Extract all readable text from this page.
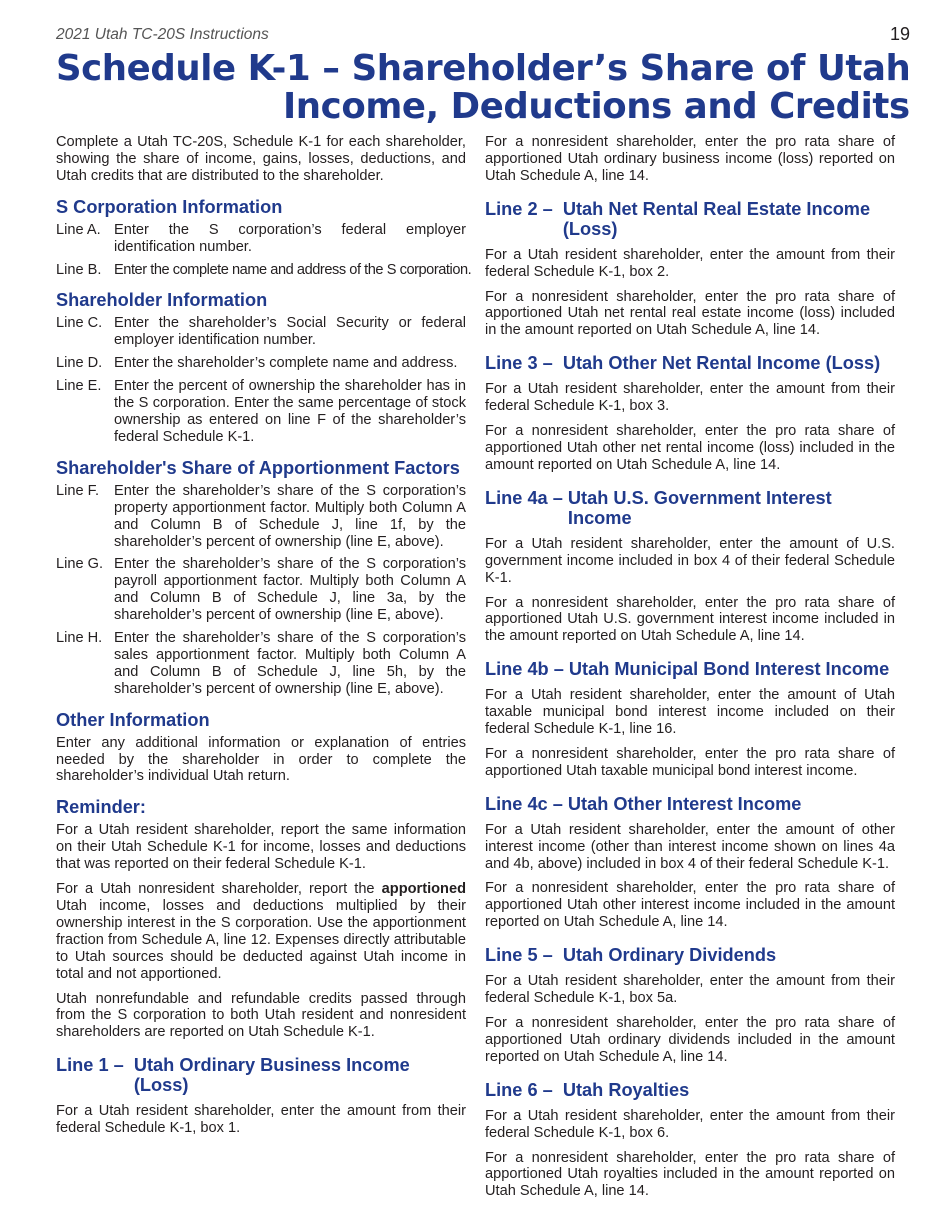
2021 Utah TC-20S Instructions	19
Schedule K-1 – Shareholder’s Share of Utah
Income, Deductions and Credits

Complete a Utah TC-20S, Schedule K-1 for each shareholder, showing the share of income, gains, losses, deductions, and Utah credits that are distributed to the shareholder.

S Corporation Information
Line A. Enter the S corporation’s federal employer identification number.
Line B. Enter the complete name and address of the S corporation.
Shareholder Information
Line C. Enter the shareholder’s Social Security or federal employer identification number.
Line D. Enter the shareholder’s complete name and address.
Line E. Enter the percent of ownership the shareholder has in the S corporation. Enter the same percentage of stock ownership as entered on line F of the shareholder’s federal Schedule K-1.
Shareholder's Share of Apportionment Factors
Line F.	Enter the shareholder’s share of the S corporation’s property apportionment factor. Multiply both Column A and Column B of Schedule J, line 1f, by the shareholder’s percent of ownership (line E, above).
Line G. Enter the shareholder’s share of the S corporation’s payroll apportionment factor. Multiply both Column A and Column B of Schedule J, line 3a, by the shareholder’s percent of ownership (line E, above).
Line H. Enter the shareholder’s share of the S corporation’s sales apportionment factor. Multiply both Column A and Column B of Schedule J, line 5h, by the shareholder’s percent of ownership (line E, above).
Other Information

Enter any additional information or explanation of entries needed by the shareholder in order to complete the shareholder’s individual Utah return.

Reminder:

For a Utah resident shareholder, report the same information on their Utah Schedule K-1 for income, losses and deductions that was reported on their federal Schedule K-1.

For a Utah nonresident shareholder, report the apportioned Utah income, losses and deductions multiplied by their ownership interest in the S corporation. Use the apportionment fraction from Schedule A, line 12. Expenses directly attributable to Utah sources should be deducted against Utah income in total and not apportioned.

Utah nonrefundable and refundable credits passed through from the S corporation to both Utah resident and nonresident shareholders are reported on Utah Schedule K-1.

Line 1 – Utah Ordinary Business Income (Loss)

For a Utah resident shareholder, enter the amount from their federal Schedule K-1, box 1.

For a nonresident shareholder, enter the pro rata share of apportioned Utah ordinary business income (loss) reported on Utah Schedule A, line 14.

Line 2 – Utah Net Rental Real Estate Income (Loss)

For a Utah resident shareholder, enter the amount from their federal Schedule K-1, box 2.

For a nonresident shareholder, enter the pro rata share of apportioned Utah net rental real estate income (loss) included in the amount reported on Utah Schedule A, line 14.

Line 3 – Utah Other Net Rental Income (Loss)

For a Utah resident shareholder, enter the amount from their federal Schedule K-1, box 3.

For a nonresident shareholder, enter the pro rata share of apportioned Utah other net rental income (loss) included in the amount reported on Utah Schedule A, line 14.

Line 4a – Utah U.S. Government Interest Income

For a Utah resident shareholder, enter the amount of U.S. government income included in box 4 of their federal Schedule K-1.

For a nonresident shareholder, enter the pro rata share of apportioned Utah U.S. government interest income included in the amount reported on Utah Schedule A, line 14.

Line 4b – Utah Municipal Bond Interest Income

For a Utah resident shareholder, enter the amount of Utah taxable municipal bond interest income included on their federal Schedule K-1, line 16.

For a nonresident shareholder, enter the pro rata share of apportioned Utah taxable municipal bond interest income.

Line 4c – Utah Other Interest Income

For a Utah resident shareholder, enter the amount of other interest income (other than interest income shown on lines 4a and 4b, above) included in box 4 of their federal Schedule K-1.

For a nonresident shareholder, enter the pro rata share of apportioned Utah other interest income included in the amount reported on Utah Schedule A, line 14.

Line 5 – Utah Ordinary Dividends

For a Utah resident shareholder, enter the amount from their federal Schedule K-1, box 5a.

For a nonresident shareholder, enter the pro rata share of apportioned Utah ordinary dividends included in the amount reported on Utah Schedule A, line 14.

Line 6 – Utah Royalties

For a Utah resident shareholder, enter the amount from their federal Schedule K-1, box 6.

For a nonresident shareholder, enter the pro rata share of apportioned Utah royalties included in the amount reported on Utah Schedule A, line 14.
